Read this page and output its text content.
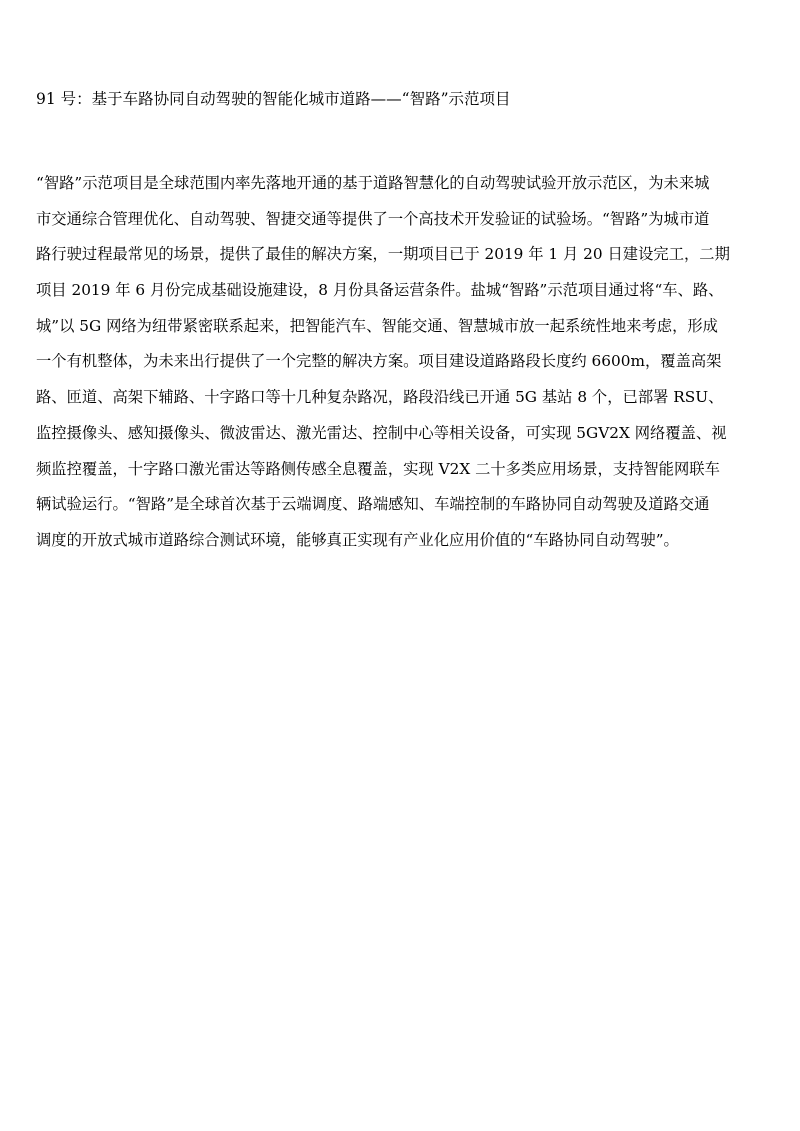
91 号：基于车路协同自动驾驶的智能化城市道路——“智路”示范项目
“智路”示范项目是全球范围内率先落地开通的基于道路智慧化的自动驾驶试验开放示范区，为未来城
市交通综合管理优化、自动驾驶、智捷交通等提供了一个高技术开发验证的试验场。“智路”为城市道
路行驶过程最常见的场景，提供了最佳的解决方案，一期项目已于 2019 年 1 月 20 日建设完工，二期
项目 2019 年 6 月份完成基础设施建设，8 月份具备运营条件。盐城“智路”示范项目通过将“车、路、
城”以 5G 网络为纽带紧密联系起来，把智能汽车、智能交通、智慧城市放一起系统性地来考虑，形成
一个有机整体，为未来出行提供了一个完整的解决方案。项目建设道路路段长度约 6600m，覆盖高架
路、匝道、高架下辅路、十字路口等十几种复杂路况，路段沿线已开通 5G 基站 8 个，已部署 RSU、
监控摄像头、感知摄像头、微波雷达、激光雷达、控制中心等相关设备，可实现 5GV2X 网络覆盖、视
频监控覆盖，十字路口激光雷达等路侧传感全息覆盖，实现 V2X 二十多类应用场景，支持智能网联车
辆试验运行。“智路”是全球首次基于云端调度、路端感知、车端控制的车路协同自动驾驶及道路交通
调度的开放式城市道路综合测试环境，能够真正实现有产业化应用价值的“车路协同自动驾驶”。
